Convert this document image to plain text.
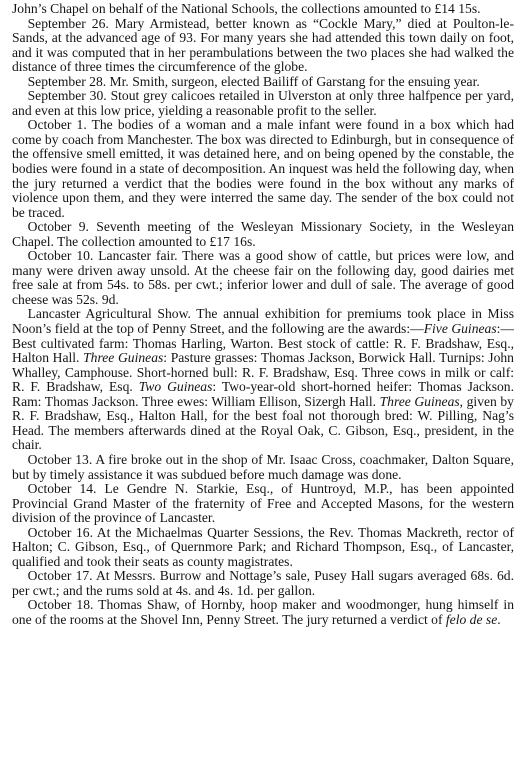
John’s Chapel on behalf of the National Schools, the collections amounted to £14 15s.

September 26. Mary Armistead, better known as “Cockle Mary,” died at Poulton-le-Sands, at the advanced age of 93. For many years she had attended this town daily on foot, and it was computed that in her perambulations between the two places she had walked the distance of three times the circumference of the globe.

September 28. Mr. Smith, surgeon, elected Bailiff of Garstang for the ensuing year.

September 30. Stout grey calicoes retailed in Ulverston at only three halfpence per yard, and even at this low price, yielding a reasonable profit to the seller.

October 1. The bodies of a woman and a male infant were found in a box which had come by coach from Manchester. The box was directed to Edinburgh, but in consequence of the offensive smell emitted, it was detained here, and on being opened by the constable, the bodies were found in a state of decomposition. An inquest was held the following day, when the jury returned a verdict that the bodies were found in the box without any marks of violence upon them, and they were interred the same day. The sender of the box could not be traced.

October 9. Seventh meeting of the Wesleyan Missionary Society, in the Wesleyan Chapel. The collection amounted to £17 16s.

October 10. Lancaster fair. There was a good show of cattle, but prices were low, and many were driven away unsold. At the cheese fair on the following day, good dairies met free sale at from 54s. to 58s. per cwt.; inferior lower and dull of sale. The average of good cheese was 52s. 9d.

Lancaster Agricultural Show. The annual exhibition for premiums took place in Miss Noon’s field at the top of Penny Street, and the following are the awards:—Five Guineas:—Best cultivated farm: Thomas Harling, Warton. Best stock of cattle: R. F. Bradshaw, Esq., Halton Hall. Three Guineas: Pasture grasses: Thomas Jackson, Borwick Hall. Turnips: John Whalley, Camphouse. Short-horned bull: R. F. Bradshaw, Esq. Three cows in milk or calf: R. F. Bradshaw, Esq. Two Guineas: Two-year-old short-horned heifer: Thomas Jackson. Ram: Thomas Jackson. Three ewes: William Ellison, Sizergh Hall. Three Guineas, given by R. F. Bradshaw, Esq., Halton Hall, for the best foal not thorough bred: W. Pilling, Nag’s Head. The members afterwards dined at the Royal Oak, C. Gibson, Esq., president, in the chair.

October 13. A fire broke out in the shop of Mr. Isaac Cross, coachmaker, Dalton Square, but by timely assistance it was subdued before much damage was done.

October 14. Le Gendre N. Starkie, Esq., of Huntroyd, M.P., has been appointed Provincial Grand Master of the fraternity of Free and Accepted Masons, for the western division of the province of Lancaster.

October 16. At the Michaelmas Quarter Sessions, the Rev. Thomas Mackreth, rector of Halton; C. Gibson, Esq., of Quernmore Park; and Richard Thompson, Esq., of Lancaster, qualified and took their seats as county magistrates.

October 17. At Messrs. Burrow and Nottage’s sale, Pusey Hall sugars averaged 68s. 6d. per cwt.; and the rums sold at 4s. and 4s. 1d. per gallon.

October 18. Thomas Shaw, of Hornby, hoop maker and woodmonger, hung himself in one of the rooms at the Shovel Inn, Penny Street. The jury returned a verdict of felo de se.
